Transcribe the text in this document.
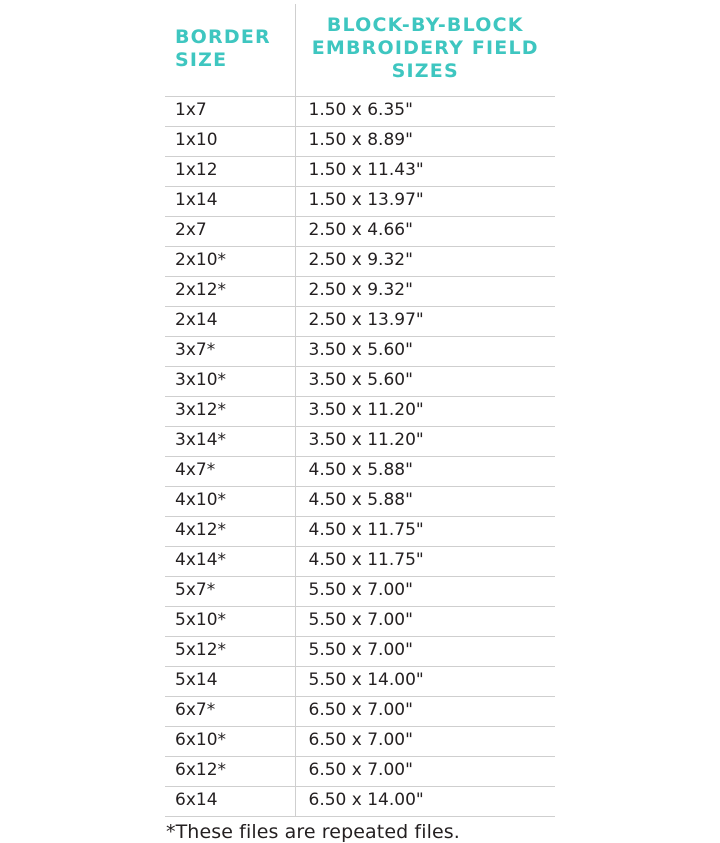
BORDER SIZE	BLOCK-BY-BLOCK EMBROIDERY FIELD SIZES
1x7	1.50 x 6.35"
1x10	1.50 x 8.89"
1x12	1.50 x 11.43"
1x14	1.50 x 13.97"
2x7	2.50 x 4.66"
2x10*	2.50 x 9.32"
2x12*	2.50 x 9.32"
2x14	2.50 x 13.97"
3x7*	3.50 x 5.60"
3x10*	3.50 x 5.60"
3x12*	3.50 x 11.20"
3x14*	3.50 x 11.20"
4x7*	4.50 x 5.88"
4x10*	4.50 x 5.88"
4x12*	4.50 x 11.75"
4x14*	4.50 x 11.75"
5x7*	5.50 x 7.00"
5x10*	5.50 x 7.00"
5x12*	5.50 x 7.00"
5x14	5.50 x 14.00"
6x7*	6.50 x 7.00"
6x10*	6.50 x 7.00"
6x12*	6.50 x 7.00"
6x14	6.50 x 14.00"
*These files are repeated files.
